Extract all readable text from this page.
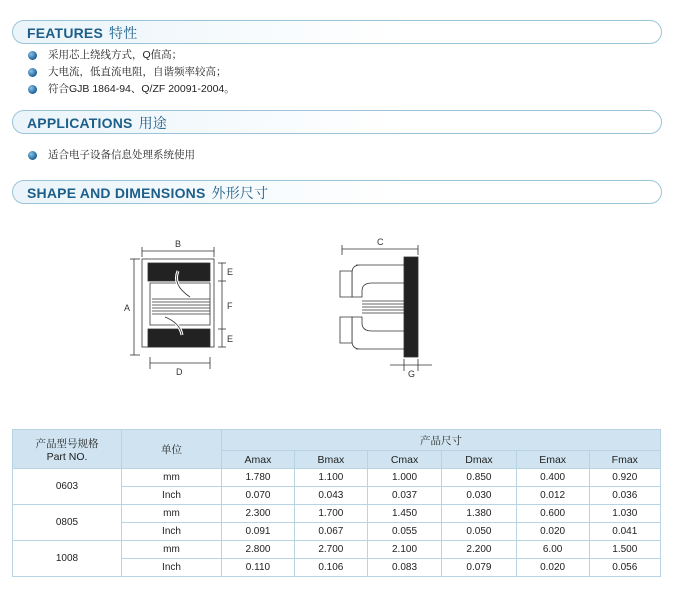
FEATURES 特性
采用芯上绕线方式，Q值高；
大电流，低直流电阻，自谐频率较高；
符合GJB 1864-94、Q/ZF 20091-2004。
APPLICATIONS 用途
适合电子设备信息处理系统使用
SHAPE AND DIMENSIONS 外形尺寸
B
A
D
E
F
E
C
G
产品型号规格
Part NO.	单位	产品尺寸					
		Amax	Bmax	Cmax	Dmax	Emax	Fmax
0603	mm	1.780	1.100	1.000	0.850	0.400	0.920
	Inch	0.070	0.043	0.037	0.030	0.012	0.036
0805	mm	2.300	1.700	1.450	1.380	0.600	1.030
	Inch	0.091	0.067	0.055	0.050	0.020	0.041
1008	mm	2.800	2.700	2.100	2.200	6.00	1.500
	Inch	0.110	0.106	0.083	0.079	0.020	0.056
